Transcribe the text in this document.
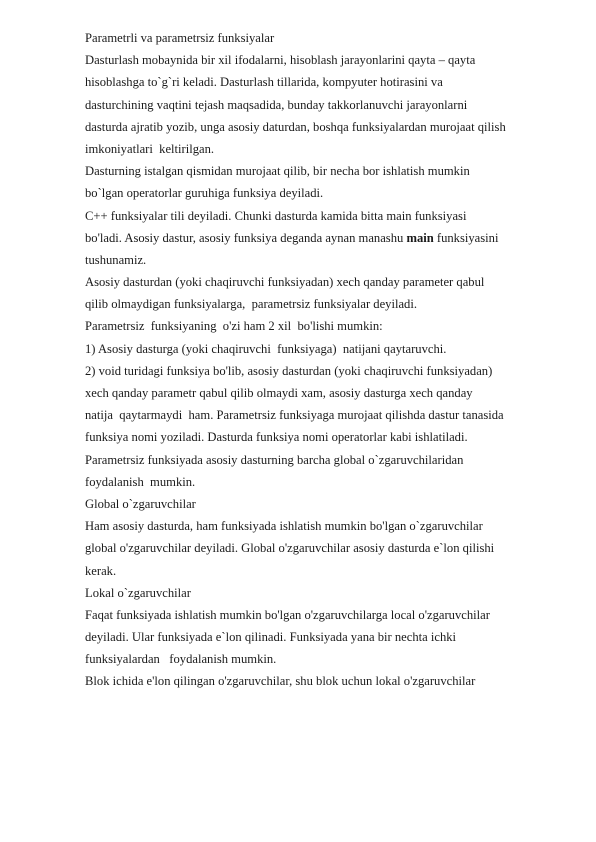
Parametrli va parametrsiz funksiyalar
Dasturlash mobaynida bir xil ifodalarni, hisoblash jarayonlarini qayta – qayta
hisoblashga to`g`ri keladi. Dasturlash tillarida, kompyuter hotirasini va
dasturchining vaqtini tejash maqsadida, bunday takkorlanuvchi jarayonlarni
dasturda ajratib yozib, unga asosiy daturdan, boshqa funksiyalardan murojaat qilish
imkoniyatlari  keltirilgan.
Dasturning istalgan qismidan murojaat qilib, bir necha bor ishlatish mumkin
bo`lgan operatorlar guruhiga funksiya deyiladi.
C++ funksiyalar tili deyiladi. Chunki dasturda kamida bitta main funksiyasi
bo'ladi. Asosiy dastur, asosiy funksiya deganda aynan manashu main funksiyasini
tushunamiz.
Asosiy dasturdan (yoki chaqiruvchi funksiyadan) xech qanday parameter qabul
qilib olmaydigan funksiyalarga,  parametrsiz funksiyalar deyiladi.
Parametrsiz  funksiyaning  o'zi ham 2 xil  bo'lishi mumkin:
1) Asosiy dasturga (yoki chaqiruvchi  funksiyaga)  natijani qaytaruvchi.
2) void turidagi funksiya bo'lib, asosiy dasturdan (yoki chaqiruvchi funksiyadan)
xech qanday parametr qabul qilib olmaydi xam, asosiy dasturga xech qanday
natija  qaytarmaydi  ham. Parametrsiz funksiyaga murojaat qilishda dastur tanasida
funksiya nomi yoziladi. Dasturda funksiya nomi operatorlar kabi ishlatiladi.
Parametrsiz funksiyada asosiy dasturning barcha global o`zgaruvchilaridan
foydalanish  mumkin.
Global o`zgaruvchilar
Ham asosiy dasturda, ham funksiyada ishlatish mumkin bo'lgan o`zgaruvchilar
global o'zgaruvchilar deyiladi. Global o'zgaruvchilar asosiy dasturda e`lon qilishi
kerak.
Lokal o`zgaruvchilar
Faqat funksiyada ishlatish mumkin bo'lgan o'zgaruvchilarga local o'zgaruvchilar
deyiladi. Ular funksiyada e`lon qilinadi. Funksiyada yana bir nechta ichki
funksiyalardan   foydalanish mumkin.
Blok ichida e'lon qilingan o'zgaruvchilar, shu blok uchun lokal o'zgaruvchilar
